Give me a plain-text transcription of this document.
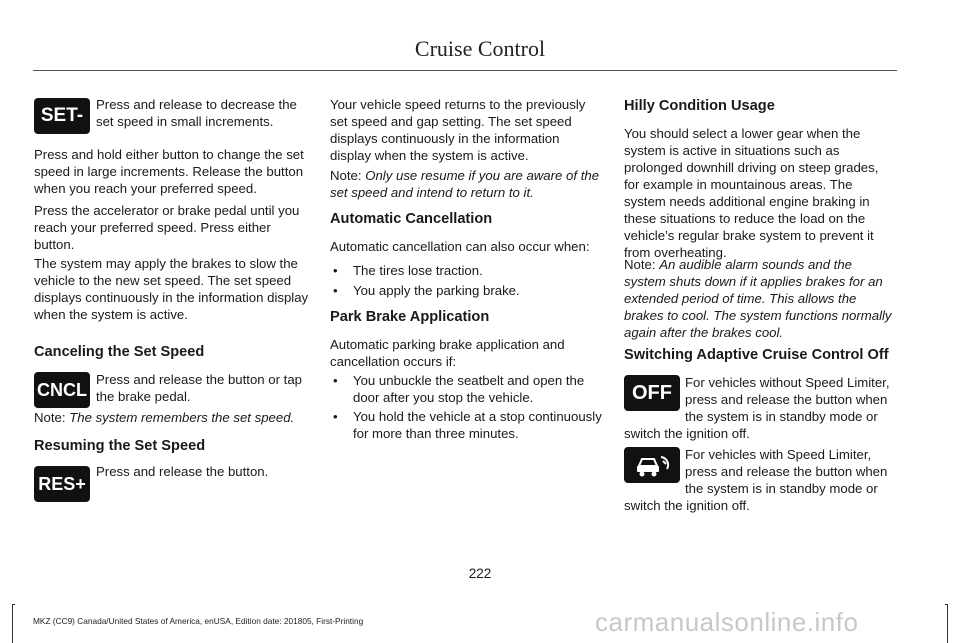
Cruise Control
SET-

Press and release to decrease the set speed in small increments.

Press and hold either button to change the set speed in large increments. Release the button when you reach your preferred speed.

Press the accelerator or brake pedal until you reach your preferred speed. Press either button.

The system may apply the brakes to slow the vehicle to the new set speed. The set speed displays continuously in the information display when the system is active.

Canceling the Set Speed

CNCL Press and release the button or tap the brake pedal.

Note: The system remembers the set speed.

Resuming the Set Speed

RES+

Press and release the button.

Your vehicle speed returns to the previously set speed and gap setting. The set speed displays continuously in the information display when the system is active.

Note: Only use resume if you are aware of the set speed and intend to return to it.

Automatic Cancellation

Automatic cancellation can also occur when:

• The tires lose traction.

• You apply the parking brake.

Park Brake Application

Automatic parking brake application and cancellation occurs if:

• You unbuckle the seatbelt and open the door after you stop the vehicle.

• You hold the vehicle at a stop continuously for more than three minutes.

Hilly Condition Usage

You should select a lower gear when the system is active in situations such as prolonged downhill driving on steep grades, for example in mountainous areas. The system needs additional engine braking in these situations to reduce the load on the vehicle’s regular brake system to prevent it from overheating.

Note: An audible alarm sounds and the system shuts down if it applies brakes for an extended period of time. This allows the brakes to cool. The system functions normally again after the brakes cool.

Switching Adaptive Cruise Control Off

OFF For vehicles without Speed Limiter, press and release the button when the system is in standby mode or switch the ignition off.

For vehicles with Speed Limiter, press and release the button when the system is in standby mode or switch the ignition off.

222
MKZ (CC9) Canada/United States of America, enUSA, Edition date: 201805, First-Printing	carmanualsonline.info
